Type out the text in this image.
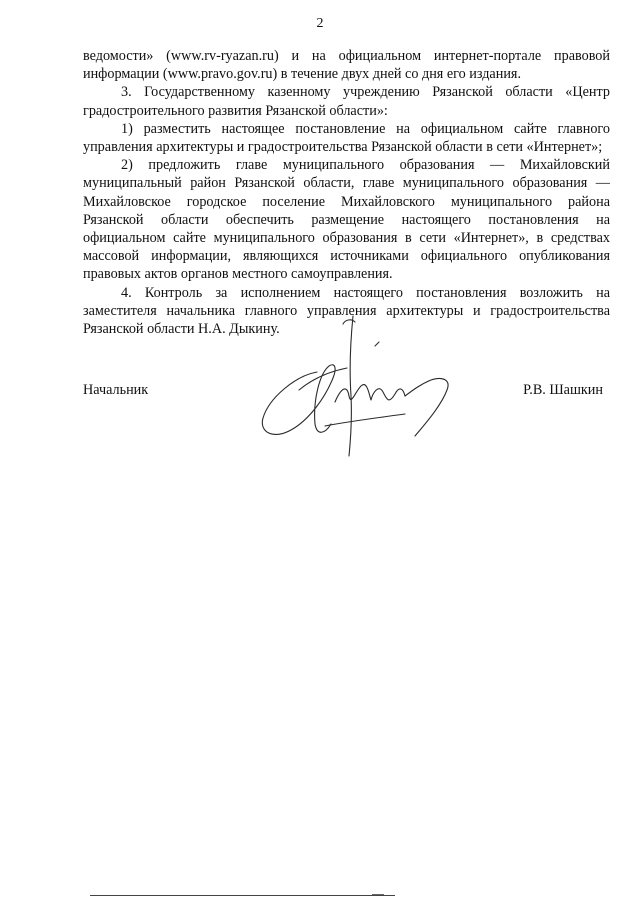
2

ведомости» (www.rv-ryazan.ru) и на официальном интернет-портале правовой информации (www.pravo.gov.ru) в течение двух дней со дня его издания.

3. Государственному казенному учреждению Рязанской области «Центр градостроительного развития Рязанской области»:

1) разместить настоящее постановление на официальном сайте главного управления архитектуры и градостроительства Рязанской области в сети «Интернет»;

2) предложить главе муниципального образования — Михайловский муниципальный район Рязанской области, главе муниципального образования — Михайловское городское поселение Михайловского муниципального района Рязанской области обеспечить размещение настоящего постановления на официальном сайте муниципального образования в сети «Интернет», в средствах массовой информации, являющихся источниками официального опубликования правовых актов органов местного самоуправления.

4. Контроль за исполнением настоящего постановления возложить на заместителя начальника главного управления архитектуры и градостроительства Рязанской области Н.А. Дыкину.

Начальник	Р.В. Шашкин
